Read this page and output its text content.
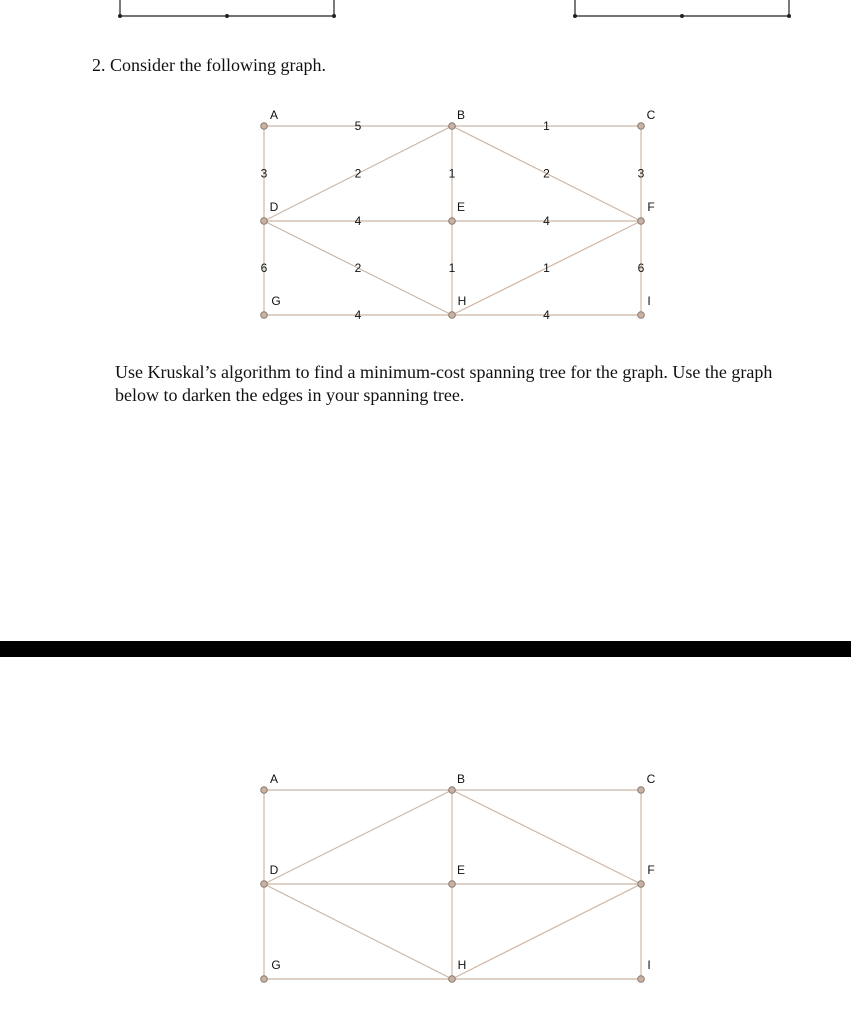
2. Consider the following graph.
5	1
3	2	1	2	3
4	4
6	2	1	1	6
4	4
A	B	C
D	E	F
G	H	I
Use Kruskal’s algorithm to find a minimum-cost spanning tree for the graph. Use the graph below to darken the edges in your spanning tree.
A	B	C
D	E	F
G	H	I
